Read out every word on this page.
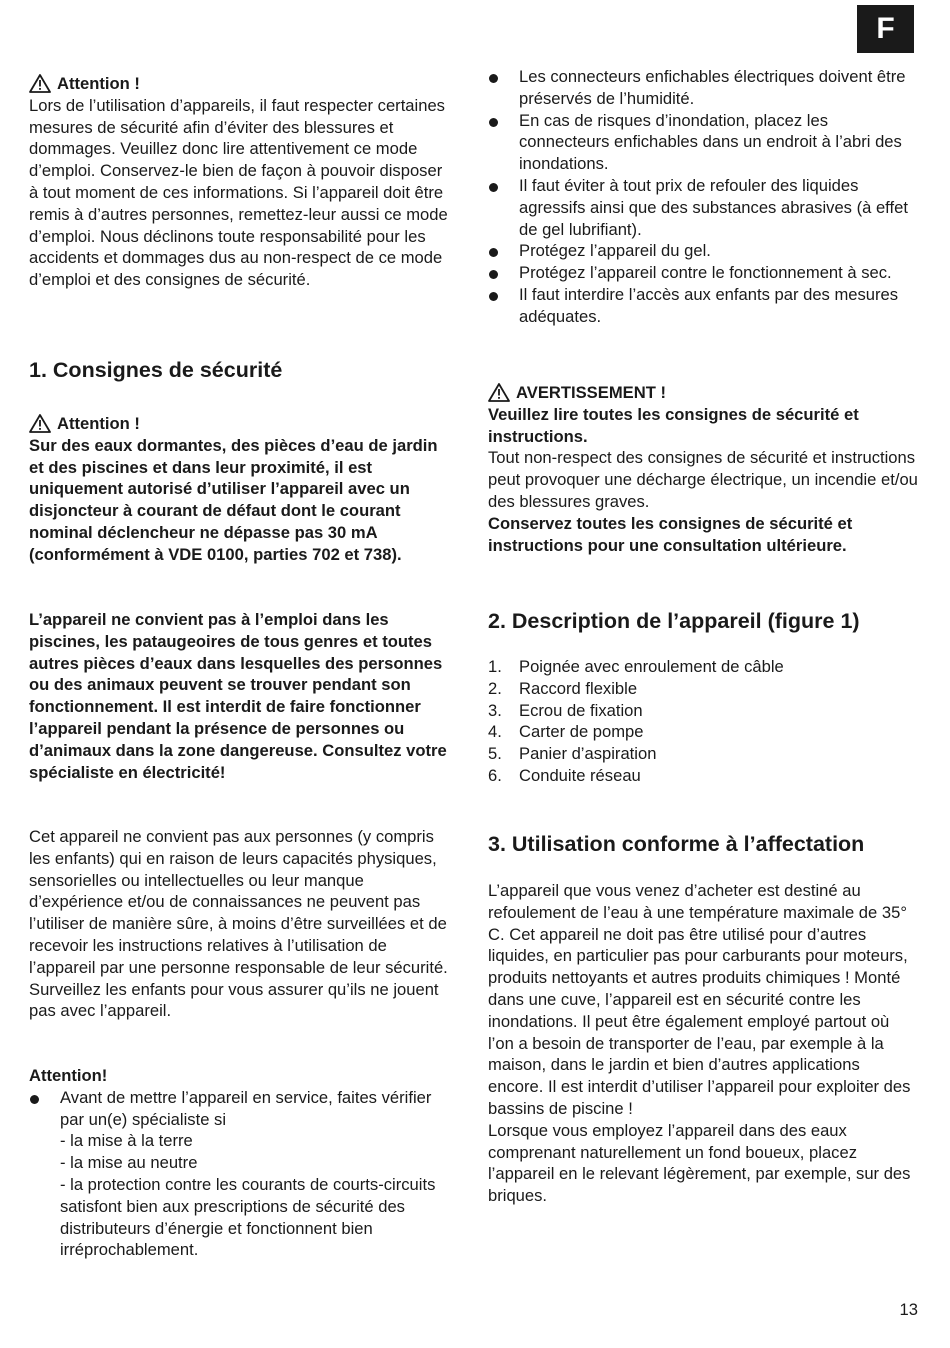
F
Attention !

Lors de l’utilisation d’appareils, il faut respecter certaines mesures de sécurité afin d’éviter des blessures et dommages. Veuillez donc lire attentivement ce mode d’emploi. Conservez-le bien de façon à pouvoir disposer à tout moment de ces informations. Si l’appareil doit être remis à d’autres personnes, remettez-leur aussi ce mode d’emploi. Nous déclinons toute responsabilité pour les accidents et dommages dus au non-respect de ce mode d’emploi et des consignes de sécurité.

1. Consignes de sécurité
Attention !

Sur des eaux dormantes, des pièces d’eau de jardin et des piscines et dans leur proximité, il est uniquement autorisé d’utiliser l’appareil avec un disjoncteur à courant de défaut dont le courant nominal déclencheur ne dépasse pas 30 mA (conformément à VDE 0100, parties 702 et 738).

L’appareil ne convient pas à l’emploi dans les piscines, les pataugeoires de tous genres et toutes autres pièces d’eaux dans lesquelles des personnes ou des animaux peuvent se trouver pendant son fonctionnement. Il est interdit de faire fonctionner l’appareil pendant la présence de personnes ou d’animaux dans la zone dangereuse. Consultez votre spécialiste en électricité!

Cet appareil ne convient pas aux personnes (y compris les enfants) qui en raison de leurs capacités physiques, sensorielles ou intellectuelles ou leur manque d’expérience et/ou de connaissances ne peuvent pas l’utiliser de manière sûre, à moins d’être surveillées et de recevoir les instructions relatives à l’utilisation de l’appareil par une personne responsable de leur sécurité. Surveillez les enfants pour vous assurer qu’ils ne jouent pas avec l’appareil.

Attention!

Avant de mettre l’appareil en service, faites vérifier par un(e) spécialiste si
- la mise à la terre
- la mise au neutre
- la protection contre les courants de courts-circuits
satisfont bien aux prescriptions de sécurité des distributeurs d’énergie et fonctionnent bien irréprochablement.
Les connecteurs enfichables électriques doivent être préservés de l’humidité.
En cas de risques d’inondation, placez les connecteurs enfichables dans un endroit à l’abri des inondations.
Il faut éviter à tout prix de refouler des liquides agressifs ainsi que des substances abrasives (à effet de gel lubrifiant).
Protégez l’appareil du gel.
Protégez l’appareil contre le fonctionnement à sec.
Il faut interdire l’accès aux enfants par des mesures adéquates.
AVERTISSEMENT !

Veuillez lire toutes les consignes de sécurité et instructions.

Tout non-respect des consignes de sécurité et instructions peut provoquer une décharge électrique, un incendie et/ou des blessures graves.

Conservez toutes les consignes de sécurité et instructions pour une consultation ultérieure.

2. Description de l’appareil (figure 1)
1.	Poignée avec enroulement de câble
2.	Raccord flexible
3.	Ecrou de fixation
4.	Carter de pompe
5.	Panier d’aspiration
6.	Conduite réseau
3. Utilisation conforme à l’affectation

L’appareil que vous venez d’acheter est destiné au refoulement de l’eau à une température maximale de 35° C. Cet appareil ne doit pas être utilisé pour d’autres liquides, en particulier pas pour carburants pour moteurs, produits nettoyants et autres produits chimiques ! Monté dans une cuve, l’appareil est en sécurité contre les inondations. Il peut être également employé partout où l’on a besoin de transporter de l’eau, par exemple à la maison, dans le jardin et bien d’autres applications encore. Il est interdit d’utiliser l’appareil pour exploiter des bassins de piscine !

Lorsque vous employez l’appareil dans des eaux comprenant naturellement un fond boueux, placez l’appareil en le relevant légèrement, par exemple, sur des briques.

13
